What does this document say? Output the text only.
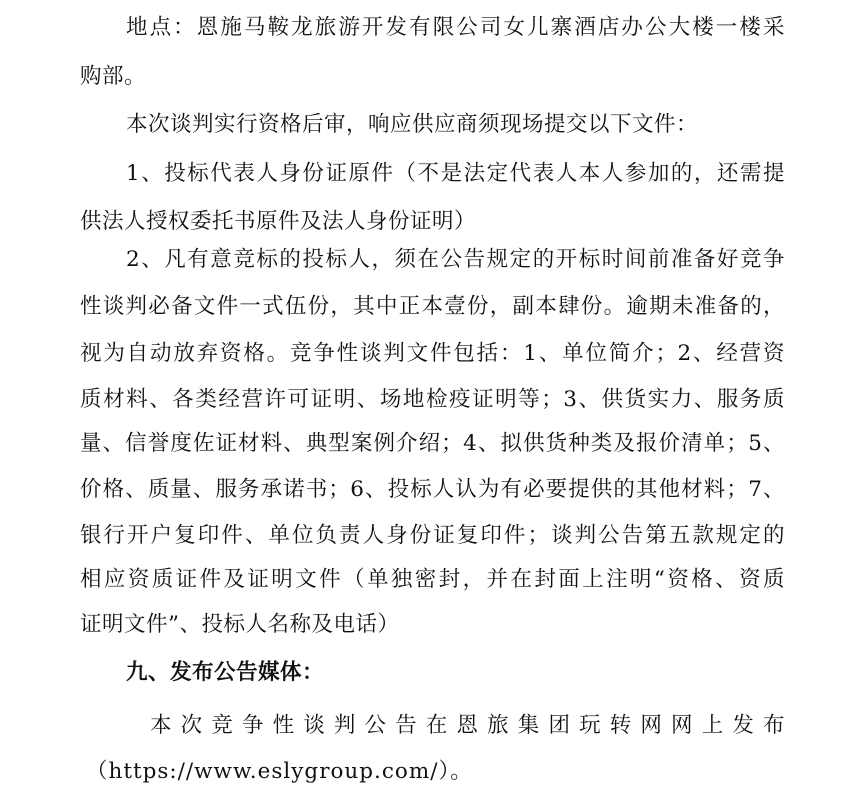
地点：恩施马鞍龙旅游开发有限公司女儿寨酒店办公大楼一楼采
购部。
本次谈判实行资格后审，响应供应商须现场提交以下文件：
1、投标代表人身份证原件（不是法定代表人本人参加的，还需提
供法人授权委托书原件及法人身份证明）
2、凡有意竞标的投标人，须在公告规定的开标时间前准备好竞争
性谈判必备文件一式伍份，其中正本壹份，副本肆份。逾期未准备的，
视为自动放弃资格。竞争性谈判文件包括：1、单位简介；2、经营资
质材料、各类经营许可证明、场地检疫证明等；3、供货实力、服务质
量、信誉度佐证材料、典型案例介绍；4、拟供货种类及报价清单；5、
价格、质量、服务承诺书；6、投标人认为有必要提供的其他材料；7、
银行开户复印件、单位负责人身份证复印件；谈判公告第五款规定的
相应资质证件及证明文件（单独密封，并在封面上注明“资格、资质
证明文件”、投标人名称及电话）
九、发布公告媒体：
本次竞争性谈判公告在恩旅集团玩转网网上发布
（https://www.eslygroup.com/）。
